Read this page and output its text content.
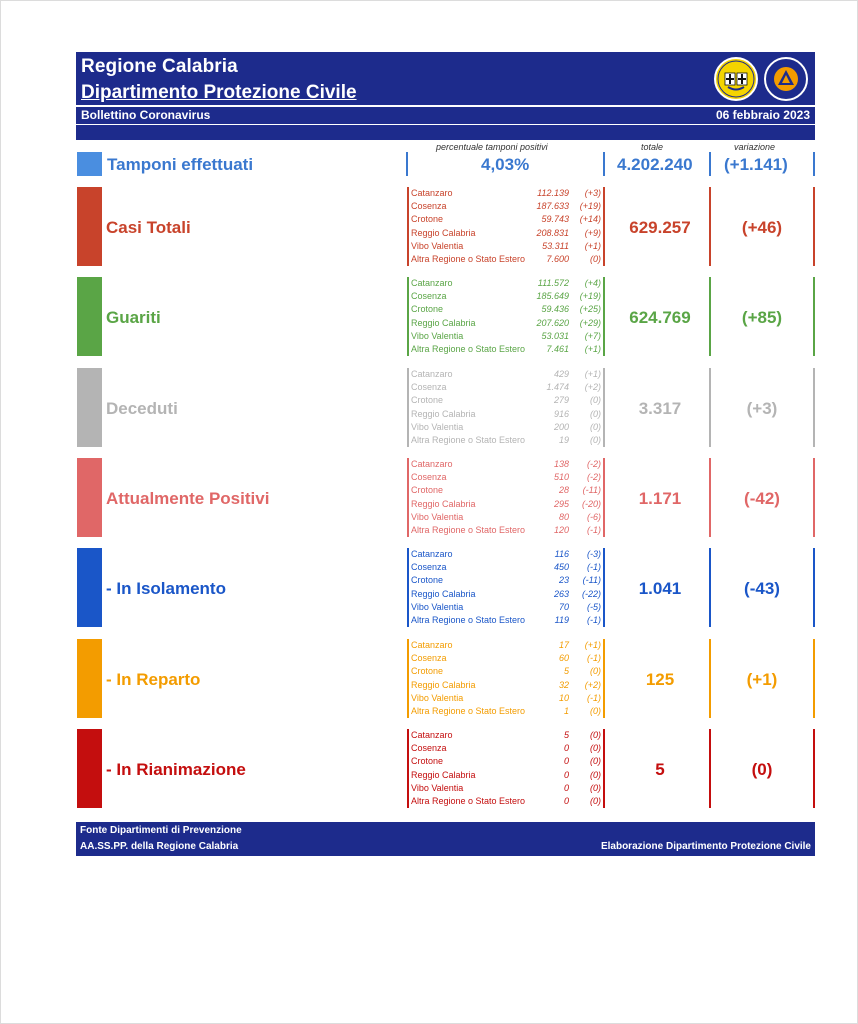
Regione Calabria
Dipartimento Protezione Civile
Bollettino Coronavirus	06 febbraio 2023
percentuale tamponi positivi	totale	variazione
Tamponi effettuati	4,03%	4.202.240 (+1.141)
Casi Totali
Catanzaro	112.139	(+3)
Cosenza	187.633	(+19)
Crotone	59.743	(+14)
Reggio Calabria	208.831	(+9)
Vibo Valentia	53.311	(+1)
Altra Regione o Stato Estero	7.600	(0)
629.257	(+46)
Guariti
Catanzaro	111.572	(+4)
Cosenza	185.649	(+19)
Crotone	59.436	(+25)
Reggio Calabria	207.620	(+29)
Vibo Valentia	53.031	(+7)
Altra Regione o Stato Estero	7.461	(+1)
624.769	(+85)
Deceduti
Catanzaro	429	(+1)
Cosenza	1.474	(+2)
Crotone	279	(0)
Reggio Calabria	916	(0)
Vibo Valentia	200	(0)
Altra Regione o Stato Estero	19	(0)
3.317	(+3)
Attualmente Positivi
Catanzaro	138	(-2)
Cosenza	510	(-2)
Crotone	28	(-11)
Reggio Calabria	295	(-20)
Vibo Valentia	80	(-6)
Altra Regione o Stato Estero	120	(-1)
1.171	(-42)
- In Isolamento
Catanzaro	116	(-3)
Cosenza	450	(-1)
Crotone	23	(-11)
Reggio Calabria	263	(-22)
Vibo Valentia	70	(-5)
Altra Regione o Stato Estero	119	(-1)
1.041	(-43)
- In Reparto
Catanzaro	17	(+1)
Cosenza	60	(-1)
Crotone	5	(0)
Reggio Calabria	32	(+2)
Vibo Valentia	10	(-1)
Altra Regione o Stato Estero	1	(0)
125	(+1)
- In Rianimazione
Catanzaro	5	(0)
Cosenza	0	(0)
Crotone	0	(0)
Reggio Calabria	0	(0)
Vibo Valentia	0	(0)
Altra Regione o Stato Estero	0	(0)
5	(0)
Fonte Dipartimenti di Prevenzione
AA.SS.PP. della Regione Calabria	Elaborazione Dipartimento Protezione Civile
